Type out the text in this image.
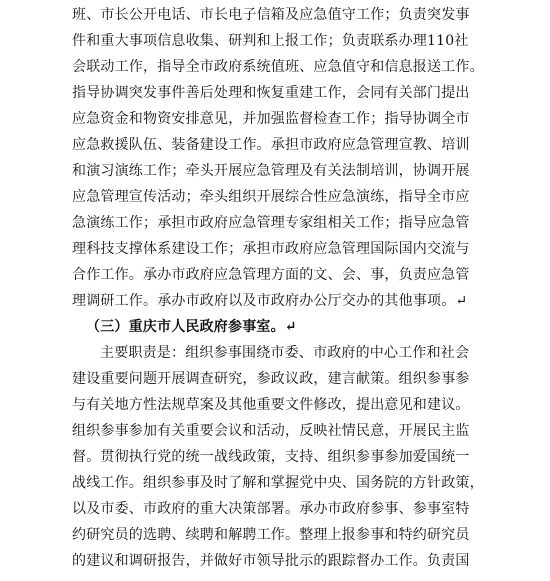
班、市长公开电话、市长电子信箱及应急值守工作；负责突发事
件和重大事项信息收集、研判和上报工作；负责联系办理110社
会联动工作，指导全市政府系统值班、应急值守和信息报送工作。
指导协调突发事件善后处理和恢复重建工作，会同有关部门提出
应急资金和物资安排意见，并加强监督检查工作；指导协调全市
应急救援队伍、装备建设工作。承担市政府应急管理宣教、培训
和演习演练工作；牵头开展应急管理及有关法制培训，协调开展
应急管理宣传活动；牵头组织开展综合性应急演练，指导全市应
急演练工作；承担市政府应急管理专家组相关工作；指导应急管
理科技支撑体系建设工作；承担市政府应急管理国际国内交流与
合作工作。承办市政府应急管理方面的文、会、事，负责应急管
理调研工作。承办市政府以及市政府办公厅交办的其他事项。↵
（三）重庆市人民政府参事室。↵
主要职责是：组织参事围绕市委、市政府的中心工作和社会
建设重要问题开展调查研究，参政议政，建言献策。组织参事参
与有关地方性法规草案及其他重要文件修改，提出意见和建议。
组织参事参加有关重要会议和活动，反映社情民意，开展民主监
督。贯彻执行党的统一战线政策，支持、组织参事参加爱国统一
战线工作。组织参事及时了解和掌握党中央、国务院的方针政策，
以及市委、市政府的重大决策部署。承办市政府参事、参事室特
约研究员的选聘、续聘和解聘工作。整理上报参事和特约研究员
的建议和调研报告，并做好市领导批示的跟踪督办工作。负责国
